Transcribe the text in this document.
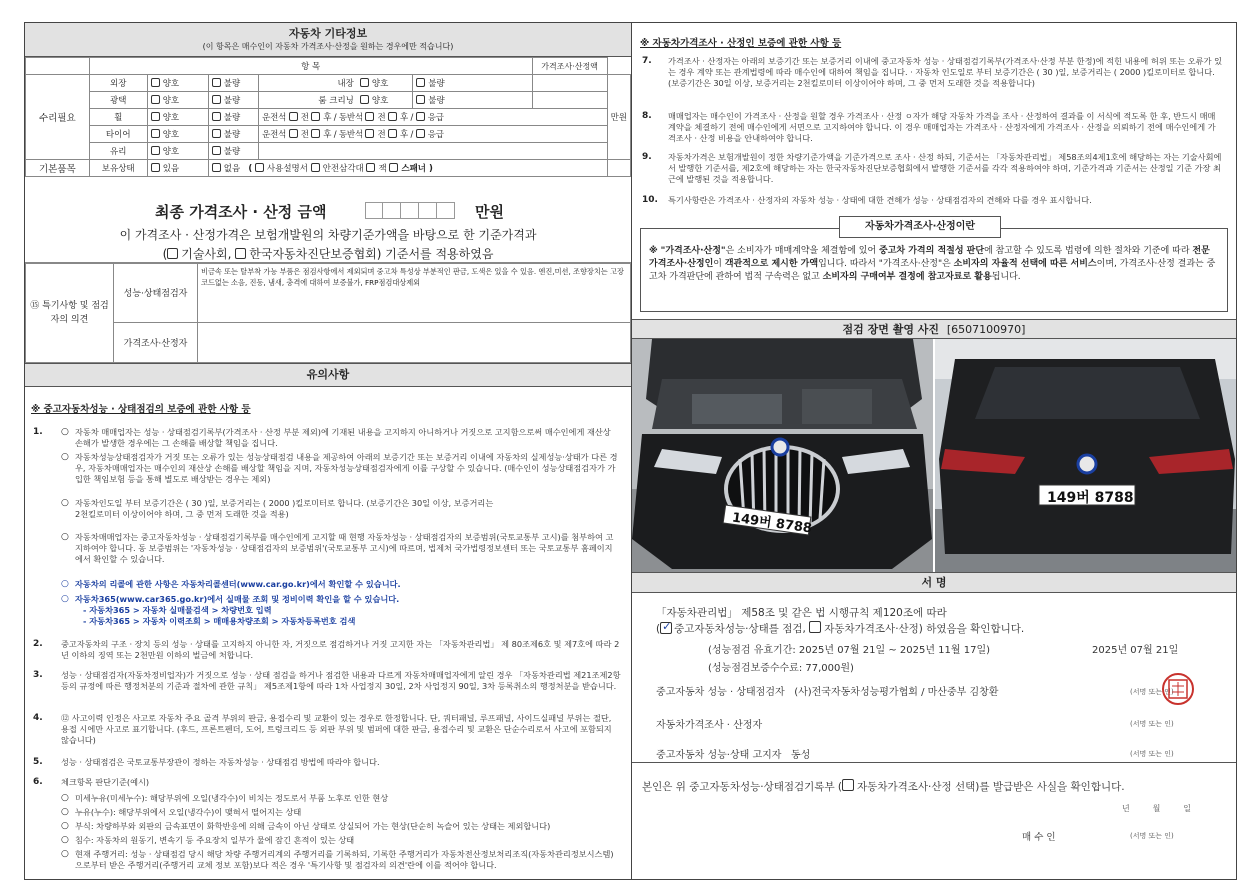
자동차 기타정보
(이 항목은 매수인이 자동차 가격조사·산정을 원하는 경우에만 적습니다)
	항 목						가격조사·산정액	
수리필요	외장	양호	불량	내장	양호	불량		만원
	광택	양호	불량	룸 크리닝	양호	불량		
	휠	양호	불량	운전석 전 후 / 동반석 전 후 / 응급				
	타이어	양호	불량	운전석 전 후 / 동반석 전 후 / 응급				
	유리	양호	불량					
기본품목	보유상태	있음	없음 ( 사용설명서 안전삼각대 잭 스패너 )					
최종 가격조사 · 산정 금액	만원
이 가격조사 · 산정가격은 보험개발원의 차량기준가액을 바탕으로 한 기준가격과
( 기술사회, 한국자동차진단보증협회) 기준서를 적용하였음
⑮ 특기사항 및 점검자의 의견	성능·상태점검자	비금속 또는 탈부착 가능 부품은 점검사항에서 제외되며 중고차 특성상 부분적인 판금, 도색은 있을 수 있음. 엔진,미션, 조향장치는 고장코드없는 소음, 진동, 냄새, 충격에 대하여 보증불가, FRP점검대상제외
	가격조사·산정자	
유의사항
※ 중고자동차성능 · 상태점검의 보증에 관한 사항 등
1. ○ 자동차 매매업자는 성능 · 상태점검기록부(가격조사 · 산정 부분 제외)에 기재된 내용을 고지하지 아니하거나 거짓으로 고지함으로써 매수인에게 재산상 손해가 발생한 경우에는 그 손해를 배상할 책임을 집니다.
○ 자동차성능상태점검자가 거짓 또는 오류가 있는 성능상태점검 내용을 제공하여 아래의 보증기간 또는 보증거리 이내에 자동차의 실제성능·상태가 다른 경우, 자동차매매업자는 매수인의 재산상 손해를 배상할 책임을 지며, 자동차성능상태점검자에게 이를 구상할 수 있습니다. (매수인이 성능상태점검자가 가입한 책임보험 등을 통해 별도로 배상받는 경우는 제외)
○ 자동차인도일 부터 보증기간은 ( 30 )일, 보증거리는 ( 2000 )킬로미터로 합니다. (보증기간은 30일 이상, 보증거리는 2천킬로미터 이상이어야 하며, 그 중 먼저 도래한 것을 적용)
○ 자동차매매업자는 중고자동차성능 · 상태점검기록부를 매수인에게 고지할 때 현행 자동차성능 · 상태점검자의 보증범위(국토교통부 고시)를 첨부하여 고지하여야 합니다. 동 보증범위는 '자동차성능 · 상태점검자의 보증범위'(국토교통부 고시)에 따르며, 법제처 국가법령정보센터 또는 국토교통부 홈페이지에서 확인할 수 있습니다.
○ 자동차의 리콜에 관한 사항은 자동차리콜센터(www.car.go.kr)에서 확인할 수 있습니다.
○ 자동차365(www.car365.go.kr)에서 실매물 조회 및 정비이력 확인을 할 수 있습니다.
- 자동차365 > 자동차 실매물검색 > 차량번호 입력
- 자동차365 > 자동차 이력조회 > 매매용차량조회 > 자동차등록번호 검색
2. 중고자동차의 구조 · 장치 등의 성능 · 상태를 고지하지 아니한 자, 거짓으로 점검하거나 거짓 고지한 자는 「자동차관리법」 제 80조제6호 및 제7호에 따라 2년 이하의 징역 또는 2천만원 이하의 벌금에 처합니다.
3. 성능 · 상태점검자(자동차정비업자)가 거짓으로 성능 · 상태 점검을 하거나 점검한 내용과 다르게 자동차매매업자에게 알린 경우 「자동차관리법 제21조제2항 등의 규정에 따른 행정처분의 기준과 절차에 관한 규칙」 제5조제1항에 따라 1차 사업정지 30일, 2차 사업정지 90일, 3차 등록취소의 행정처분을 받습니다.
4. ⑫ 사고이력 인정은 사고로 자동차 주요 골격 부위의 판금, 용접수리 및 교환이 있는 경우로 한정합니다. 단, 쿼터패널, 루프패널, 사이드실패널 부위는 절단, 용접 시에만 사고로 표기합니다. (후드, 프론트펜더, 도어, 트렁크리드 등 외판 부위 및 범퍼에 대한 판금, 용접수리 및 교환은 단순수리로서 사고에 포함되지 않습니다)
5. 성능 · 상태점검은 국토교통부장관이 정하는 자동차성능 · 상태점검 방법에 따라야 합니다.
6. 체크항목 판단기준(예시)
○ 미세누유(미세누수): 해당부위에 오일(냉각수)이 비치는 정도로서 부품 노후로 인한 현상
○ 누유(누수): 해당부위에서 오일(냉각수)이 맺혀서 떨어지는 상태
○ 부식: 차량하부와 외판의 금속표면이 화학반응에 의해 금속이 아닌 상태로 상실되어 가는 현상(단순히 녹슬어 있는 상태는 제외합니다)
○ 침수: 자동차의 원동기, 변속기 등 주요장치 일부가 물에 잠긴 흔적이 있는 상태
○ 현재 주행거리: 성능 · 상태점검 당시 해당 차량 주행거리계의 주행거리를 기록하되, 기록한 주행거리가 자동차전산정보처리조직(자동차관리정보시스템)으로부터 받은 주행거리(주행거리 교체 정보 포함)보다 적은 경우 '특기사항 및 점검자의 의견'란에 이를 적어야 합니다.
※ 자동차가격조사 · 산정인 보증에 관한 사항 등
7. 가격조사 · 산정자는 아래의 보증기간 또는 보증거리 이내에 중고자동차 성능 · 상태점검기록부(가격조사·산정 부분 한정)에 적힌 내용에 허위 또는 오류가 있는 경우 계약 또는 관계법령에 따라 매수인에 대하여 책임을 집니다. · 자동차 인도일로 부터 보증기간은 ( 30 )일, 보증거리는 ( 2000 )킬로미터로 합니다. (보증기간은 30일 이상, 보증거리는 2천킬로미터 이상이어야 하며, 그 중 먼저 도래한 것을 적용합니다)
8. 매매업자는 매수인이 가격조사 · 산정을 원할 경우 가격조사 · 산정 ㅇ자가 해당 자동차 가격을 조사 · 산정하여 결과를 이 서식에 적도록 한 후, 반드시 매매계약을 체결하기 전에 매수인에게 서면으로 고지하여야 합니다. 이 경우 매매업자는 가격조사 · 산정자에게 가격조사 · 산정을 의뢰하기 전에 매수인에게 가격조사 · 산정 비용을 안내하여야 합니다.
9. 자동차가격은 보험개발원이 정한 차량기준가액을 기준가격으로 조사 · 산정 하되, 기준서는 「자동차관리법」 제58조의4제1호에 해당하는 자는 기술사회에서 발행한 기준서를, 제2호에 해당하는 자는 한국자동차진단보증협회에서 발행한 기준서를 각각 적용하여야 하며, 기준가격과 기준서는 산정일 기준 가장 최근에 발행된 것을 적용합니다.
10. 특기사항란은 가격조사 · 산정자의 자동차 성능 · 상태에 대한 견해가 성능 · 상태점검자의 견해와 다를 경우 표시합니다.
자동차가격조사·산정이란
※ "가격조사·산정"은 소비자가 매매계약을 체결함에 있어 중고차 가격의 적절성 판단에 참고할 수 있도록 법령에 의한 절차와 기준에 따라 전문 가격조사·산정인이 객관적으로 제시한 가액입니다. 따라서 "가격조사·산정"은 소비자의 자율적 선택에 따른 서비스이며, 가격조사·산정 결과는 중고차 가격판단에 관하여 법적 구속력은 없고 소비자의 구매여부 결정에 참고자료로 활용됩니다.
점검 장면 촬영 사진 [6507100970]
149버 8788
149버 8788
서 명
「자동차관리법」 제58조 및 같은 법 시행규칙 제120조에 따라
( ✓ 중고자동차성능·상태를 점검, 자동차가격조사·산정) 하였음을 확인합니다.
(성능점검 유효기간: 2025년 07월 21일 ~ 2025년 11월 17일)	2025년 07월 21일
(성능점검보증수수료: 77,000원)
중고자동차 성능 · 상태점검자 (사)전국자동차성능평가협회 / 마산중부 김창환	(서명 또는 인)
자동차가격조사 · 산정자	(서명 또는 인)
중고자동차 성능·상태 고지자 동성	(서명 또는 인)
본인은 위 중고자동차성능·상태점검기록부 ( 자동차가격조사·산정 선택)를 발급받은 사실을 확인합니다.
년         월         일
매 수 인	(서명 또는 인)
